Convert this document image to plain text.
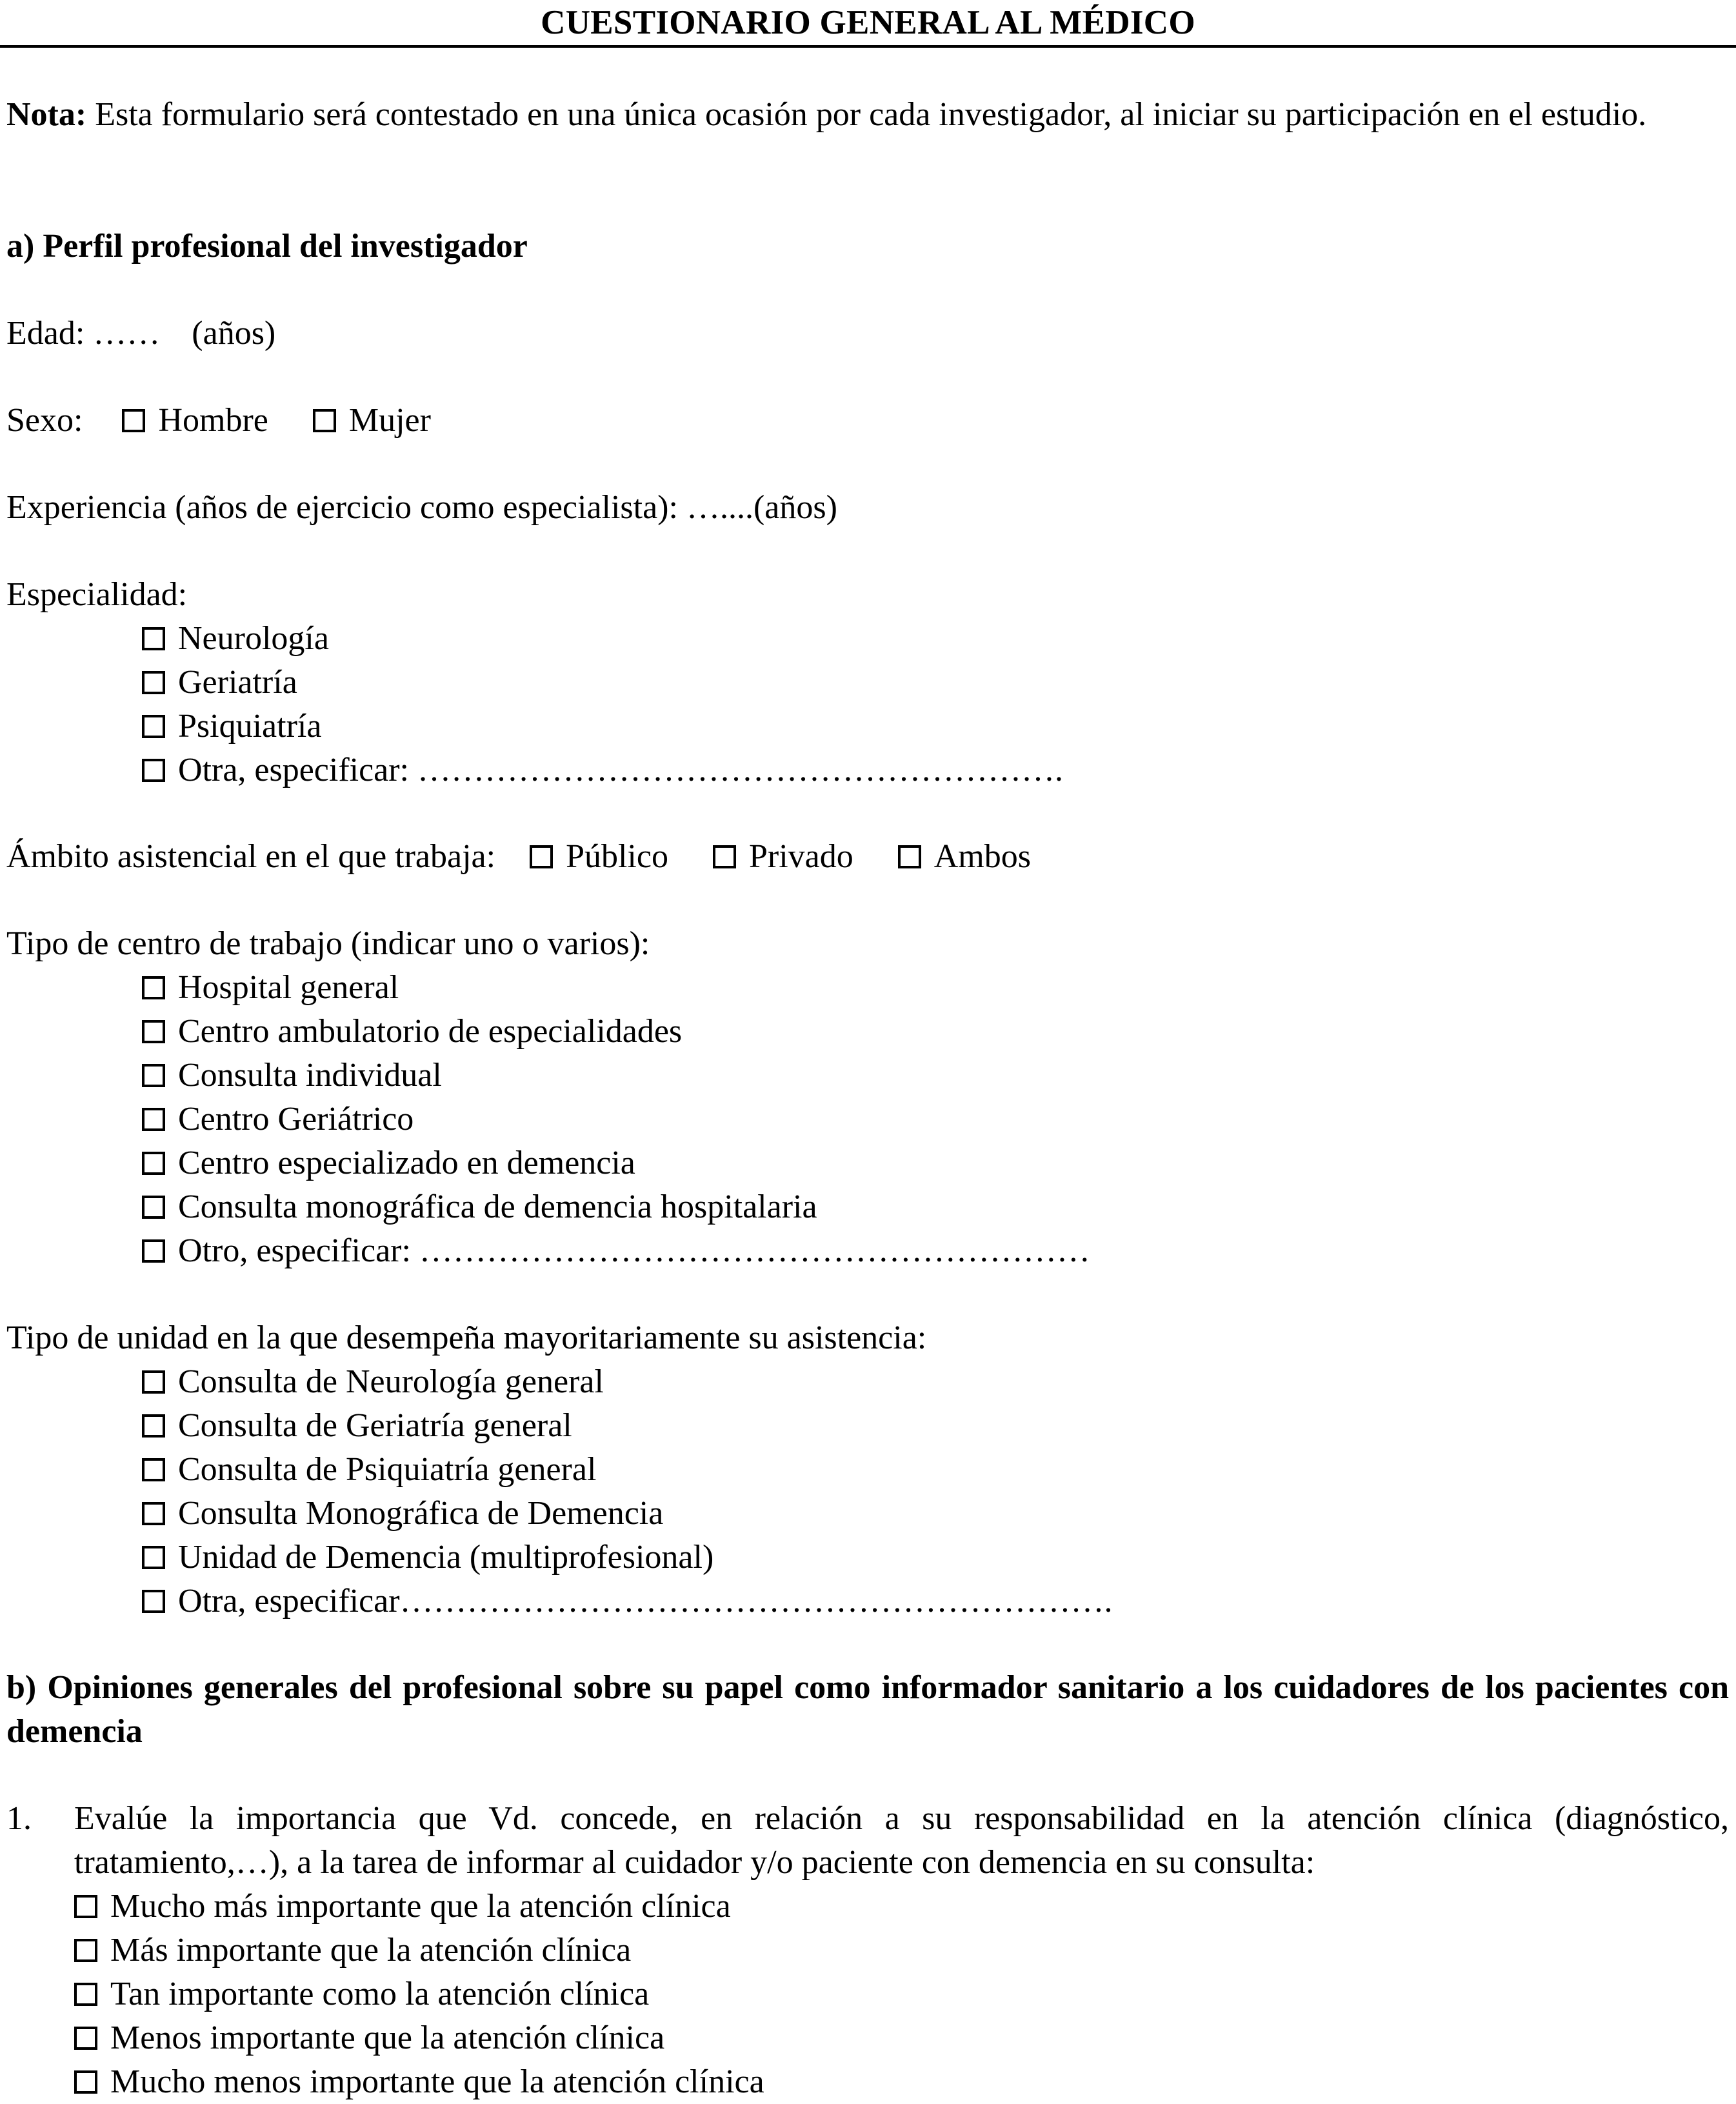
CUESTIONARIO GENERAL AL MÉDICO
Nota: Esta formulario será contestado en una única ocasión por cada investigador, al iniciar su participación en el estudio.
a) Perfil profesional del investigador
Edad: …… (años)
Sexo: Hombre Mujer
Experiencia (años de ejercicio como especialista): …....(años)
Especialidad:
Neurología
Geriatría
Psiquiatría
Otra, especificar: ………………………………………………….
Ámbito asistencial en el que trabaja: Público Privado Ambos
Tipo de centro de trabajo (indicar uno o varios):
Hospital general
Centro ambulatorio de especialidades
Consulta individual
Centro Geriátrico
Centro especializado en demencia
Consulta monográfica de demencia hospitalaria
Otro, especificar: ……………………………………………………
Tipo de unidad en la que desempeña mayoritariamente su asistencia:
Consulta de Neurología general
Consulta de Geriatría general
Consulta de Psiquiatría general
Consulta Monográfica de Demencia
Unidad de Demencia (multiprofesional)
Otra, especificar……………………………………………………….
b) Opiniones generales del profesional sobre su papel como informador sanitario a los cuidadores de los pacientes con demencia
1. Evalúe la importancia que Vd. concede, en relación a su responsabilidad en la atención clínica (diagnóstico, tratamiento,…), a la tarea de informar al cuidador y/o paciente con demencia en su consulta:
Mucho más importante que la atención clínica
Más importante que la atención clínica
Tan importante como la atención clínica
Menos importante que la atención clínica
Mucho menos importante que la atención clínica
